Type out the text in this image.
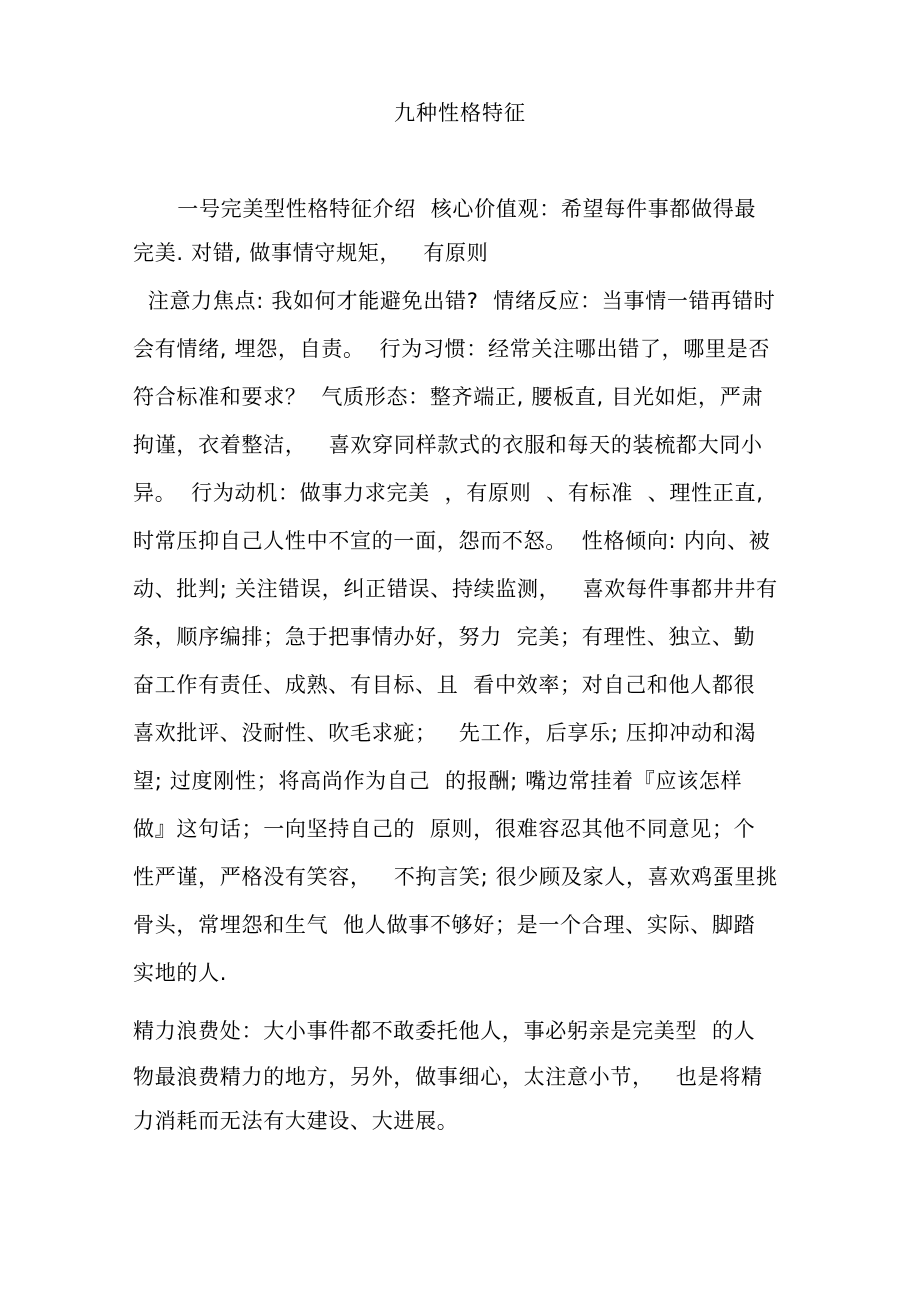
九种性格特征
一号完美型性格特征介绍  核心价值观：希望每件事都做得最
完美. 对错, 做事情守规矩，   有原则
注意力焦点: 我如何才能避免出错?  情绪反应：当事情一错再错时
会有情绪, 埋怨，自责。  行为习惯：经常关注哪出错了，哪里是否
符合标准和要求？  气质形态：整齐端正, 腰板直, 目光如炬，严肃
拘谨，衣着整洁，   喜欢穿同样款式的衣服和每天的装梳都大同小
异。  行为动机：做事力求完美  ，有原则  、有标准  、理性正直,
时常压抑自己人性中不宣的一面，怨而不怒。  性格倾向: 内向、被
动、批判; 关注错误，纠正错误、持续监测，   喜欢每件事都井井有
条，顺序编排；急于把事情办好，努力  完美；有理性、独立、勤
奋工作有责任、成熟、有目标、且  看中效率；对自己和他人都很
喜欢批评、没耐性、吹毛求疵；   先工作，后享乐; 压抑冲动和渴
望; 过度刚性；将高尚作为自己  的报酬; 嘴边常挂着『应该怎样
做』这句话；一向坚持自己的  原则，很难容忍其他不同意见；个
性严谨，严格没有笑容，   不拘言笑; 很少顾及家人，喜欢鸡蛋里挑
骨头，常埋怨和生气  他人做事不够好；是一个合理、实际、脚踏
实地的人.
精力浪费处：大小事件都不敢委托他人，事必躬亲是完美型  的人
物最浪费精力的地方，另外，做事细心，太注意小节，   也是将精
力消耗而无法有大建设、大进展。
